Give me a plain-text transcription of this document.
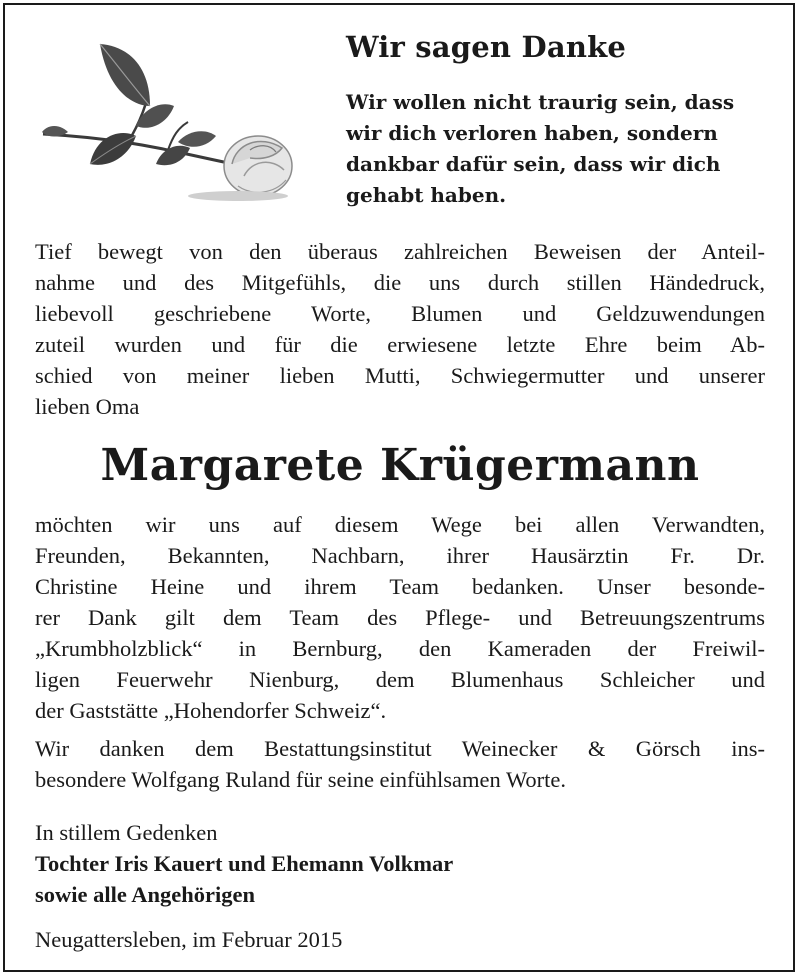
Wir sagen Danke

Wir wollen nicht traurig sein, dass
wir dich verloren haben, sondern
dankbar dafür sein, dass wir dich
gehabt haben.

Tief bewegt von den überaus zahlreichen Beweisen der Anteil-
nahme und des Mitgefühls, die uns durch stillen Händedruck,
liebevoll geschriebene Worte, Blumen und Geldzuwendungen
zuteil wurden und für die erwiesene letzte Ehre beim Ab-
schied von meiner lieben Mutti, Schwiegermutter und unserer
lieben Oma

Margarete Krügermann

möchten wir uns auf diesem Wege bei allen Verwandten,
Freunden, Bekannten, Nachbarn, ihrer Hausärztin Fr. Dr.
Christine Heine und ihrem Team bedanken. Unser besonde-
rer Dank gilt dem Team des Pflege- und Betreuungszentrums
„Krumbholzblick“ in Bernburg, den Kameraden der Freiwil-
ligen Feuerwehr Nienburg, dem Blumenhaus Schleicher und
der Gaststätte „Hohendorfer Schweiz“.

Wir danken dem Bestattungsinstitut Weinecker & Görsch ins-
besondere Wolfgang Ruland für seine einfühlsamen Worte.

In stillem Gedenken
Tochter Iris Kauert und Ehemann Volkmar
sowie alle Angehörigen

Neugattersleben, im Februar 2015
